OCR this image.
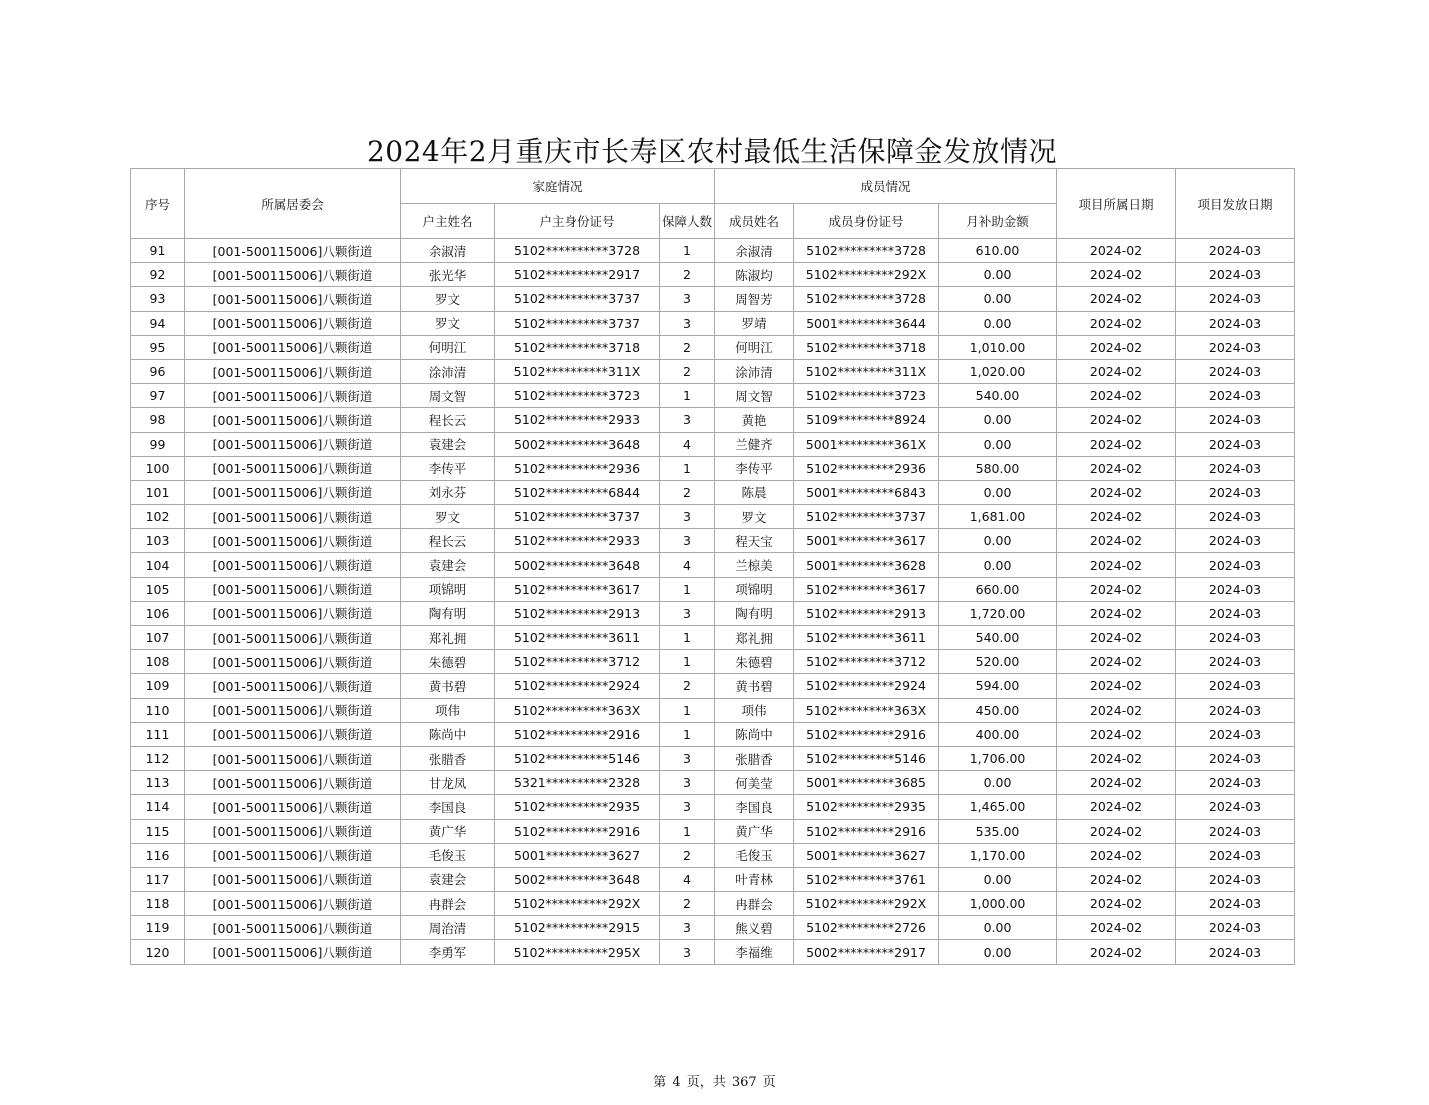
2024年2月重庆市长寿区农村最低生活保障金发放情况
序号	所属居委会	家庭情况			成员情况			项目所属日期	项目发放日期
		户主姓名	户主身份证号	保障人数	成员姓名	成员身份证号	月补助金额		
91	[001-500115006]八颗街道	余淑清	5102**********3728	1	余淑清	5102*********3728	610.00	2024-02	2024-03
92	[001-500115006]八颗街道	张光华	5102**********2917	2	陈淑均	5102*********292X	0.00	2024-02	2024-03
93	[001-500115006]八颗街道	罗文	5102**********3737	3	周智芳	5102*********3728	0.00	2024-02	2024-03
94	[001-500115006]八颗街道	罗文	5102**********3737	3	罗靖	5001*********3644	0.00	2024-02	2024-03
95	[001-500115006]八颗街道	何明江	5102**********3718	2	何明江	5102*********3718	1,010.00	2024-02	2024-03
96	[001-500115006]八颗街道	涂沛清	5102**********311X	2	涂沛清	5102*********311X	1,020.00	2024-02	2024-03
97	[001-500115006]八颗街道	周文智	5102**********3723	1	周文智	5102*********3723	540.00	2024-02	2024-03
98	[001-500115006]八颗街道	程长云	5102**********2933	3	黄艳	5109*********8924	0.00	2024-02	2024-03
99	[001-500115006]八颗街道	袁建会	5002**********3648	4	兰健齐	5001*********361X	0.00	2024-02	2024-03
100	[001-500115006]八颗街道	李传平	5102**********2936	1	李传平	5102*********2936	580.00	2024-02	2024-03
101	[001-500115006]八颗街道	刘永芬	5102**********6844	2	陈晨	5001*********6843	0.00	2024-02	2024-03
102	[001-500115006]八颗街道	罗文	5102**********3737	3	罗文	5102*********3737	1,681.00	2024-02	2024-03
103	[001-500115006]八颗街道	程长云	5102**********2933	3	程天宝	5001*********3617	0.00	2024-02	2024-03
104	[001-500115006]八颗街道	袁建会	5002**********3648	4	兰椋美	5001*********3628	0.00	2024-02	2024-03
105	[001-500115006]八颗街道	项锦明	5102**********3617	1	项锦明	5102*********3617	660.00	2024-02	2024-03
106	[001-500115006]八颗街道	陶有明	5102**********2913	3	陶有明	5102*********2913	1,720.00	2024-02	2024-03
107	[001-500115006]八颗街道	郑礼拥	5102**********3611	1	郑礼拥	5102*********3611	540.00	2024-02	2024-03
108	[001-500115006]八颗街道	朱德碧	5102**********3712	1	朱德碧	5102*********3712	520.00	2024-02	2024-03
109	[001-500115006]八颗街道	黄书碧	5102**********2924	2	黄书碧	5102*********2924	594.00	2024-02	2024-03
110	[001-500115006]八颗街道	项伟	5102**********363X	1	项伟	5102*********363X	450.00	2024-02	2024-03
111	[001-500115006]八颗街道	陈尚中	5102**********2916	1	陈尚中	5102*********2916	400.00	2024-02	2024-03
112	[001-500115006]八颗街道	张腊香	5102**********5146	3	张腊香	5102*********5146	1,706.00	2024-02	2024-03
113	[001-500115006]八颗街道	甘龙凤	5321**********2328	3	何美莹	5001*********3685	0.00	2024-02	2024-03
114	[001-500115006]八颗街道	李国良	5102**********2935	3	李国良	5102*********2935	1,465.00	2024-02	2024-03
115	[001-500115006]八颗街道	黄广华	5102**********2916	1	黄广华	5102*********2916	535.00	2024-02	2024-03
116	[001-500115006]八颗街道	毛俊玉	5001**********3627	2	毛俊玉	5001*********3627	1,170.00	2024-02	2024-03
117	[001-500115006]八颗街道	袁建会	5002**********3648	4	叶青林	5102*********3761	0.00	2024-02	2024-03
118	[001-500115006]八颗街道	冉群会	5102**********292X	2	冉群会	5102*********292X	1,000.00	2024-02	2024-03
119	[001-500115006]八颗街道	周治清	5102**********2915	3	熊义碧	5102*********2726	0.00	2024-02	2024-03
120	[001-500115006]八颗街道	李勇军	5102**********295X	3	李福维	5002*********2917	0.00	2024-02	2024-03
第 4 页，共 367 页
